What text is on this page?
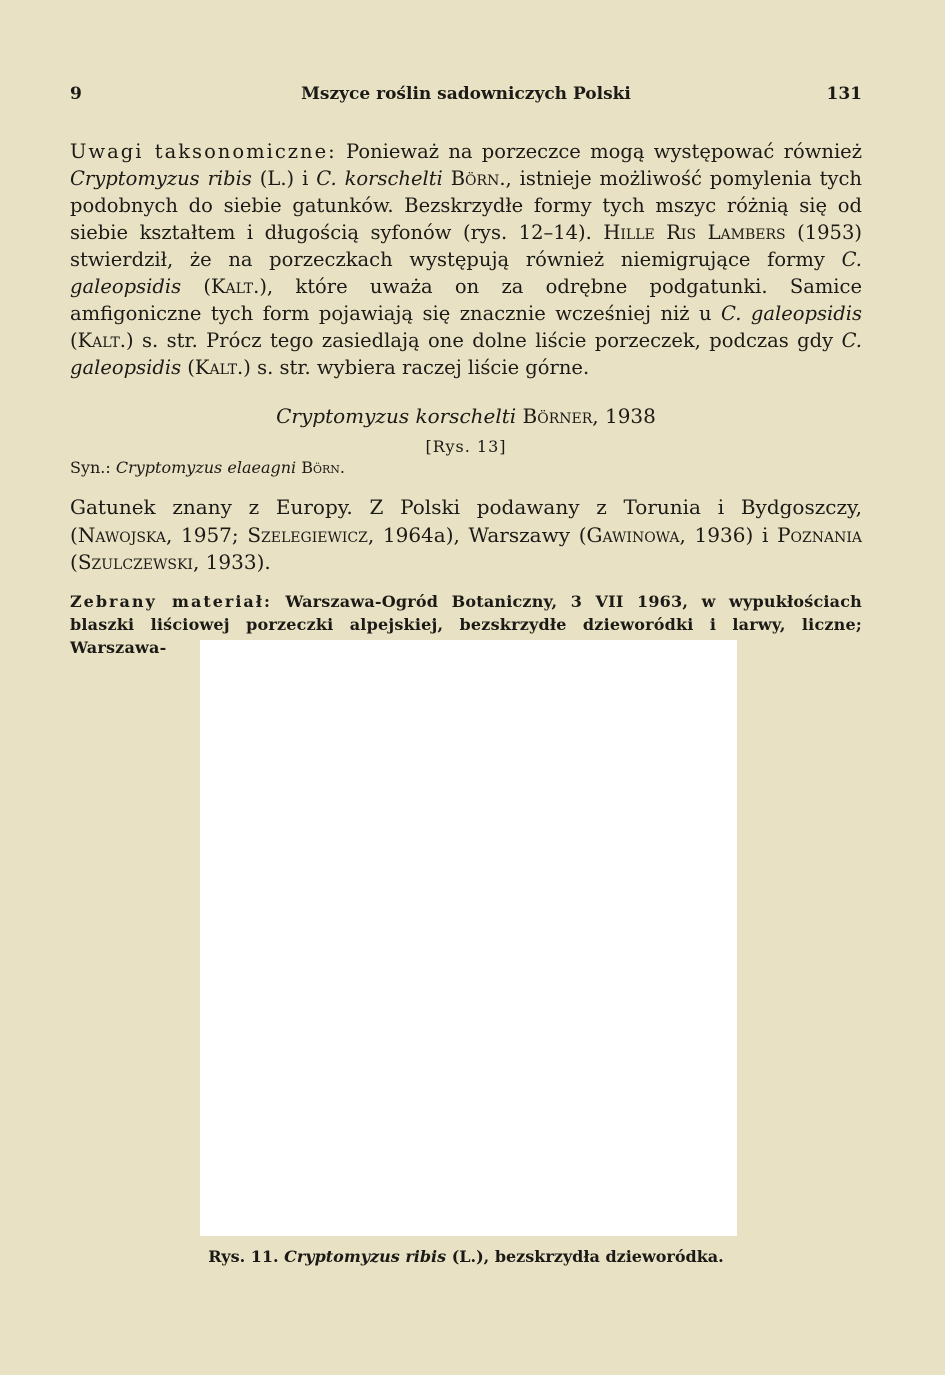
9	Mszyce roślin sadowniczych Polski	131

Uwagi taksonomiczne: Ponieważ na porzeczce mogą występować również Cryptomyzus ribis (L.) i C. korschelti Börn., istnieje możliwość pomylenia tych podobnych do siebie gatunków. Bezskrzydłe formy tych mszyc różnią się od siebie kształtem i długością syfonów (rys. 12–14). Hille Ris Lambers (1953) stwierdził, że na porzeczkach występują również niemigrujące formy C. galeopsidis (Kalt.), które uważa on za odrębne podgatunki. Samice amfigoniczne tych form pojawiają się znacznie wcześniej niż u C. galeopsidis (Kalt.) s. str. Prócz tego zasiedlają one dolne liście porzeczek, podczas gdy C. galeopsidis (Kalt.) s. str. wybiera raczej liście górne.

Cryptomyzus korschelti Börner, 1938
[Rys. 13]
Syn.: Cryptomyzus elaeagni Börn.

Gatunek znany z Europy. Z Polski podawany z Torunia i Bydgoszczy, (Nawojska, 1957; Szelegiewicz, 1964a), Warszawy (Gawinowa, 1936) i Poznania (Szulczewski, 1933).

Zebrany materiał: Warszawa-Ogród Botaniczny, 3 VII 1963, w wypukłościach blaszki liściowej porzeczki alpejskiej, bezskrzydłe dzieworódki i larwy, liczne; Warszawa-

Rys. 11. Cryptomyzus ribis (L.), bezskrzydła dzieworódka.
